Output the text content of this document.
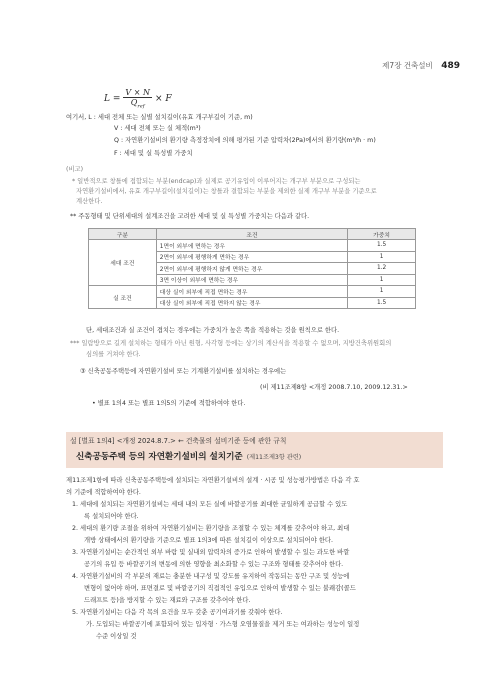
제7장 건축설비 489
$L = \frac{V \times N}{Q_{ref}} \times F$
여기서, L : 세대 전체 또는 실별 설치길이(유효 개구부길이 기준, m)
V : 세대 전체 또는 실 체적(m³)
Q : 자연환기설비의 환기량 측정장치에 의해 평가된 기준 압력차(2Pa)에서의 환기량(m³/h · m)
F : 세대 및 실 특성별 가중치
(비고)
* 일반적으로 창틀에 접합되는 부분(endcap)과 실제로 공기유입이 이루어지는 개구부 부분으로 구성되는
자연환기설비에서, 유효 개구부길이(설치길이)는 창틀과 결합되는 부분을 제외한 실제 개구부 부분을 기준으로
계산한다.
** 주동형태 및 단위세대의 설계조건을 고려한 세대 및 실 특성별 가중치는 다음과 같다.
구분	조건	가중치
세대 조건	1면이 외부에 면하는 경우	1.5
	2면이 외부에 평행하게 면하는 경우	1
	2면이 외부에 평행하지 않게 면하는 경우	1.2
	3면 이상이 외부에 면하는 경우	1
실 조건	대상 실이 외부에 직접 면하는 경우	1
	대상 실이 외부에 직접 면하지 않는 경우	1.5
단, 세대조건과 실 조건이 겹치는 경우에는 가중치가 높은 쪽을 적용하는 것을 원칙으로 한다.
*** 일람방으로 길게 설치하는 형태가 아닌 원형, 사각형 등에는 상기의 계산식을 적용할 수 없으며, 지방건축위원회의
심의를 거쳐야 한다.
③ 신축공동주택등에 자연환기설비 또는 기계환기설비를 설치하는 경우에는
(비 제11조제8항 <개정 2008.7.10, 2009.12.31.>
• 별표 1의4 또는 별표 1의5의 기준에 적합하여야 한다.
설 [별표 1의4] <개정 2024.8.7.> ← 건축물의 설비기준 등에 관한 규칙
신축공동주택 등의 자연환기설비의 설치기준 (제11조제3항 관련)
제11조제1항에 따라 신축공동주택등에 설치되는 자연환기설비의 설계 · 시공 및 성능평가방법은 다음 각 호
의 기준에 적합하여야 한다.
1. 세대에 설치되는 자연환기설비는 세대 내의 모든 실에 바깥공기를 최대한 균일하게 공급할 수 있도
록 설치되어야 한다.
2. 세대의 환기량 조절을 위하여 자연환기설비는 환기량을 조절할 수 있는 체계를 갖추어야 하고, 최대
개방 상태에서의 환기량을 기준으로 별표 1의3에 따른 설치길이 이상으로 설치되어야 한다.
3. 자연환기설비는 순간적인 외부 바람 및 실내외 압력차의 증가로 인하여 발생할 수 있는 과도한 바깥
공기의 유입 등 바깥공기의 변동에 의한 영향을 최소화할 수 있는 구조와 형태를 갖추어야 한다.
4. 자연환기설비의 각 부분의 재료는 충분한 내구성 및 강도를 유지하여 작동되는 동안 구조 및 성능에
변형이 없어야 하며, 표면결로 및 바깥공기의 직접적인 유입으로 인하여 발생할 수 있는 불쾌감(콜드
드래프트 등)을 방지할 수 있는 재료와 구조를 갖추어야 한다.
5. 자연환기설비는 다음 각 목의 요건을 모두 갖춘 공기여과기를 갖춰야 한다.
가. 도입되는 바깥공기에 포함되어 있는 입자형 · 가스형 오염물질을 제거 또는 여과하는 성능이 일정
수준 이상일 것
